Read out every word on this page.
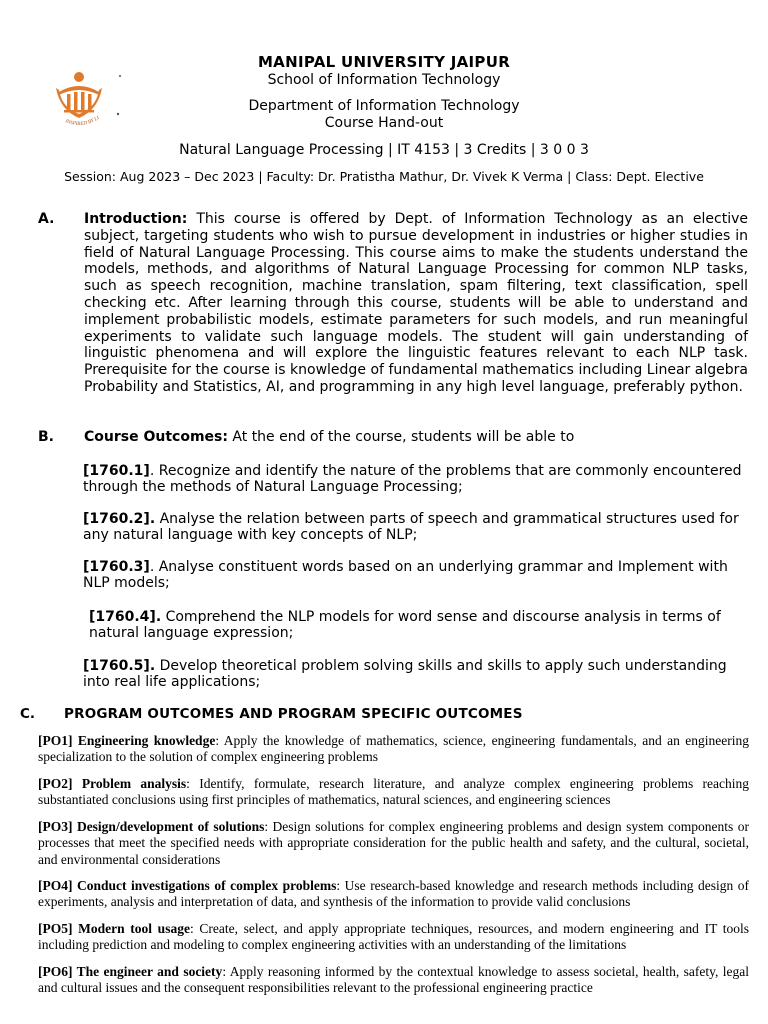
INSPIRED BY LI
MANIPAL UNIVERSITY JAIPUR
School of Information Technology
Department of Information Technology
Course Hand-out
Natural Language Processing | IT 4153 | 3 Credits | 3 0 0 3
Session: Aug 2023 – Dec 2023 | Faculty: Dr. Pratistha Mathur, Dr. Vivek K Verma | Class: Dept. Elective
A. Introduction: This course is offered by Dept. of Information Technology as an elective subject, targeting students who wish to pursue development in industries or higher studies in field of Natural Language Processing. This course aims to make the students understand the models, methods, and algorithms of Natural Language Processing for common NLP tasks, such as speech recognition, machine translation, spam filtering, text classification, spell checking etc. After learning through this course, students will be able to understand and implement probabilistic models, estimate parameters for such models, and run meaningful experiments to validate such language models. The student will gain understanding of linguistic phenomena and will explore the linguistic features relevant to each NLP task. Prerequisite for the course is knowledge of fundamental mathematics including Linear algebra Probability and Statistics, AI, and programming in any high level language, preferably python.
B. Course Outcomes: At the end of the course, students will be able to
[1760.1]. Recognize and identify the nature of the problems that are commonly encountered through the methods of Natural Language Processing;
[1760.2]. Analyse the relation between parts of speech and grammatical structures used for any natural language with key concepts of NLP;
[1760.3]. Analyse constituent words based on an underlying grammar and Implement with NLP models;
[1760.4]. Comprehend the NLP models for word sense and discourse analysis in terms of natural language expression;
[1760.5]. Develop theoretical problem solving skills and skills to apply such understanding into real life applications;
C. PROGRAM OUTCOMES AND PROGRAM SPECIFIC OUTCOMES
[PO1] Engineering knowledge: Apply the knowledge of mathematics, science, engineering fundamentals, and an engineering specialization to the solution of complex engineering problems
[PO2] Problem analysis: Identify, formulate, research literature, and analyze complex engineering problems reaching substantiated conclusions using first principles of mathematics, natural sciences, and engineering sciences
[PO3] Design/development of solutions: Design solutions for complex engineering problems and design system components or processes that meet the specified needs with appropriate consideration for the public health and safety, and the cultural, societal, and environmental considerations
[PO4] Conduct investigations of complex problems: Use research-based knowledge and research methods including design of experiments, analysis and interpretation of data, and synthesis of the information to provide valid conclusions
[PO5] Modern tool usage: Create, select, and apply appropriate techniques, resources, and modern engineering and IT tools including prediction and modeling to complex engineering activities with an understanding of the limitations
[PO6] The engineer and society: Apply reasoning informed by the contextual knowledge to assess societal, health, safety, legal and cultural issues and the consequent responsibilities relevant to the professional engineering practice
